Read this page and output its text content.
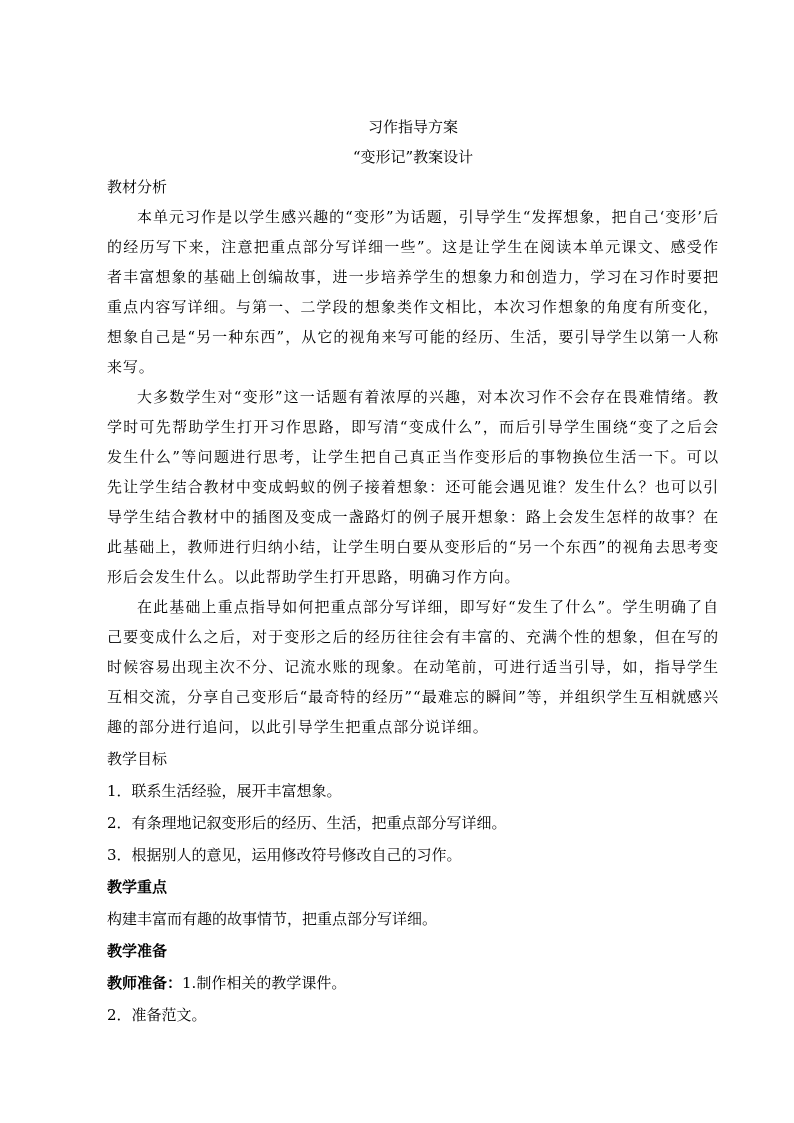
习作指导方案
“变形记”教案设计
教材分析

本单元习作是以学生感兴趣的“变形”为话题，引导学生“发挥想象，把自己‘变形’后的经历写下来，注意把重点部分写详细一些”。这是让学生在阅读本单元课文、感受作者丰富想象的基础上创编故事，进一步培养学生的想象力和创造力，学习在习作时要把重点内容写详细。与第一、二学段的想象类作文相比，本次习作想象的角度有所变化，想象自己是“另一种东西”，从它的视角来写可能的经历、生活，要引导学生以第一人称来写。

大多数学生对“变形”这一话题有着浓厚的兴趣，对本次习作不会存在畏难情绪。教学时可先帮助学生打开习作思路，即写清“变成什么”，而后引导学生围绕“变了之后会发生什么”等问题进行思考，让学生把自己真正当作变形后的事物换位生活一下。可以先让学生结合教材中变成蚂蚁的例子接着想象：还可能会遇见谁？发生什么？也可以引导学生结合教材中的插图及变成一盏路灯的例子展开想象：路上会发生怎样的故事？在此基础上，教师进行归纳小结，让学生明白要从变形后的“另一个东西”的视角去思考变形后会发生什么。以此帮助学生打开思路，明确习作方向。

在此基础上重点指导如何把重点部分写详细，即写好“发生了什么”。学生明确了自己要变成什么之后，对于变形之后的经历往往会有丰富的、充满个性的想象，但在写的时候容易出现主次不分、记流水账的现象。在动笔前，可进行适当引导，如，指导学生互相交流，分享自己变形后“最奇特的经历”“最难忘的瞬间”等，并组织学生互相就感兴趣的部分进行追问，以此引导学生把重点部分说详细。

教学目标
1．联系生活经验，展开丰富想象。
2．有条理地记叙变形后的经历、生活，把重点部分写详细。
3．根据别人的意见，运用修改符号修改自己的习作。
教学重点
构建丰富而有趣的故事情节，把重点部分写详细。
教学准备
教师准备：1.制作相关的教学课件。
2．准备范文。
